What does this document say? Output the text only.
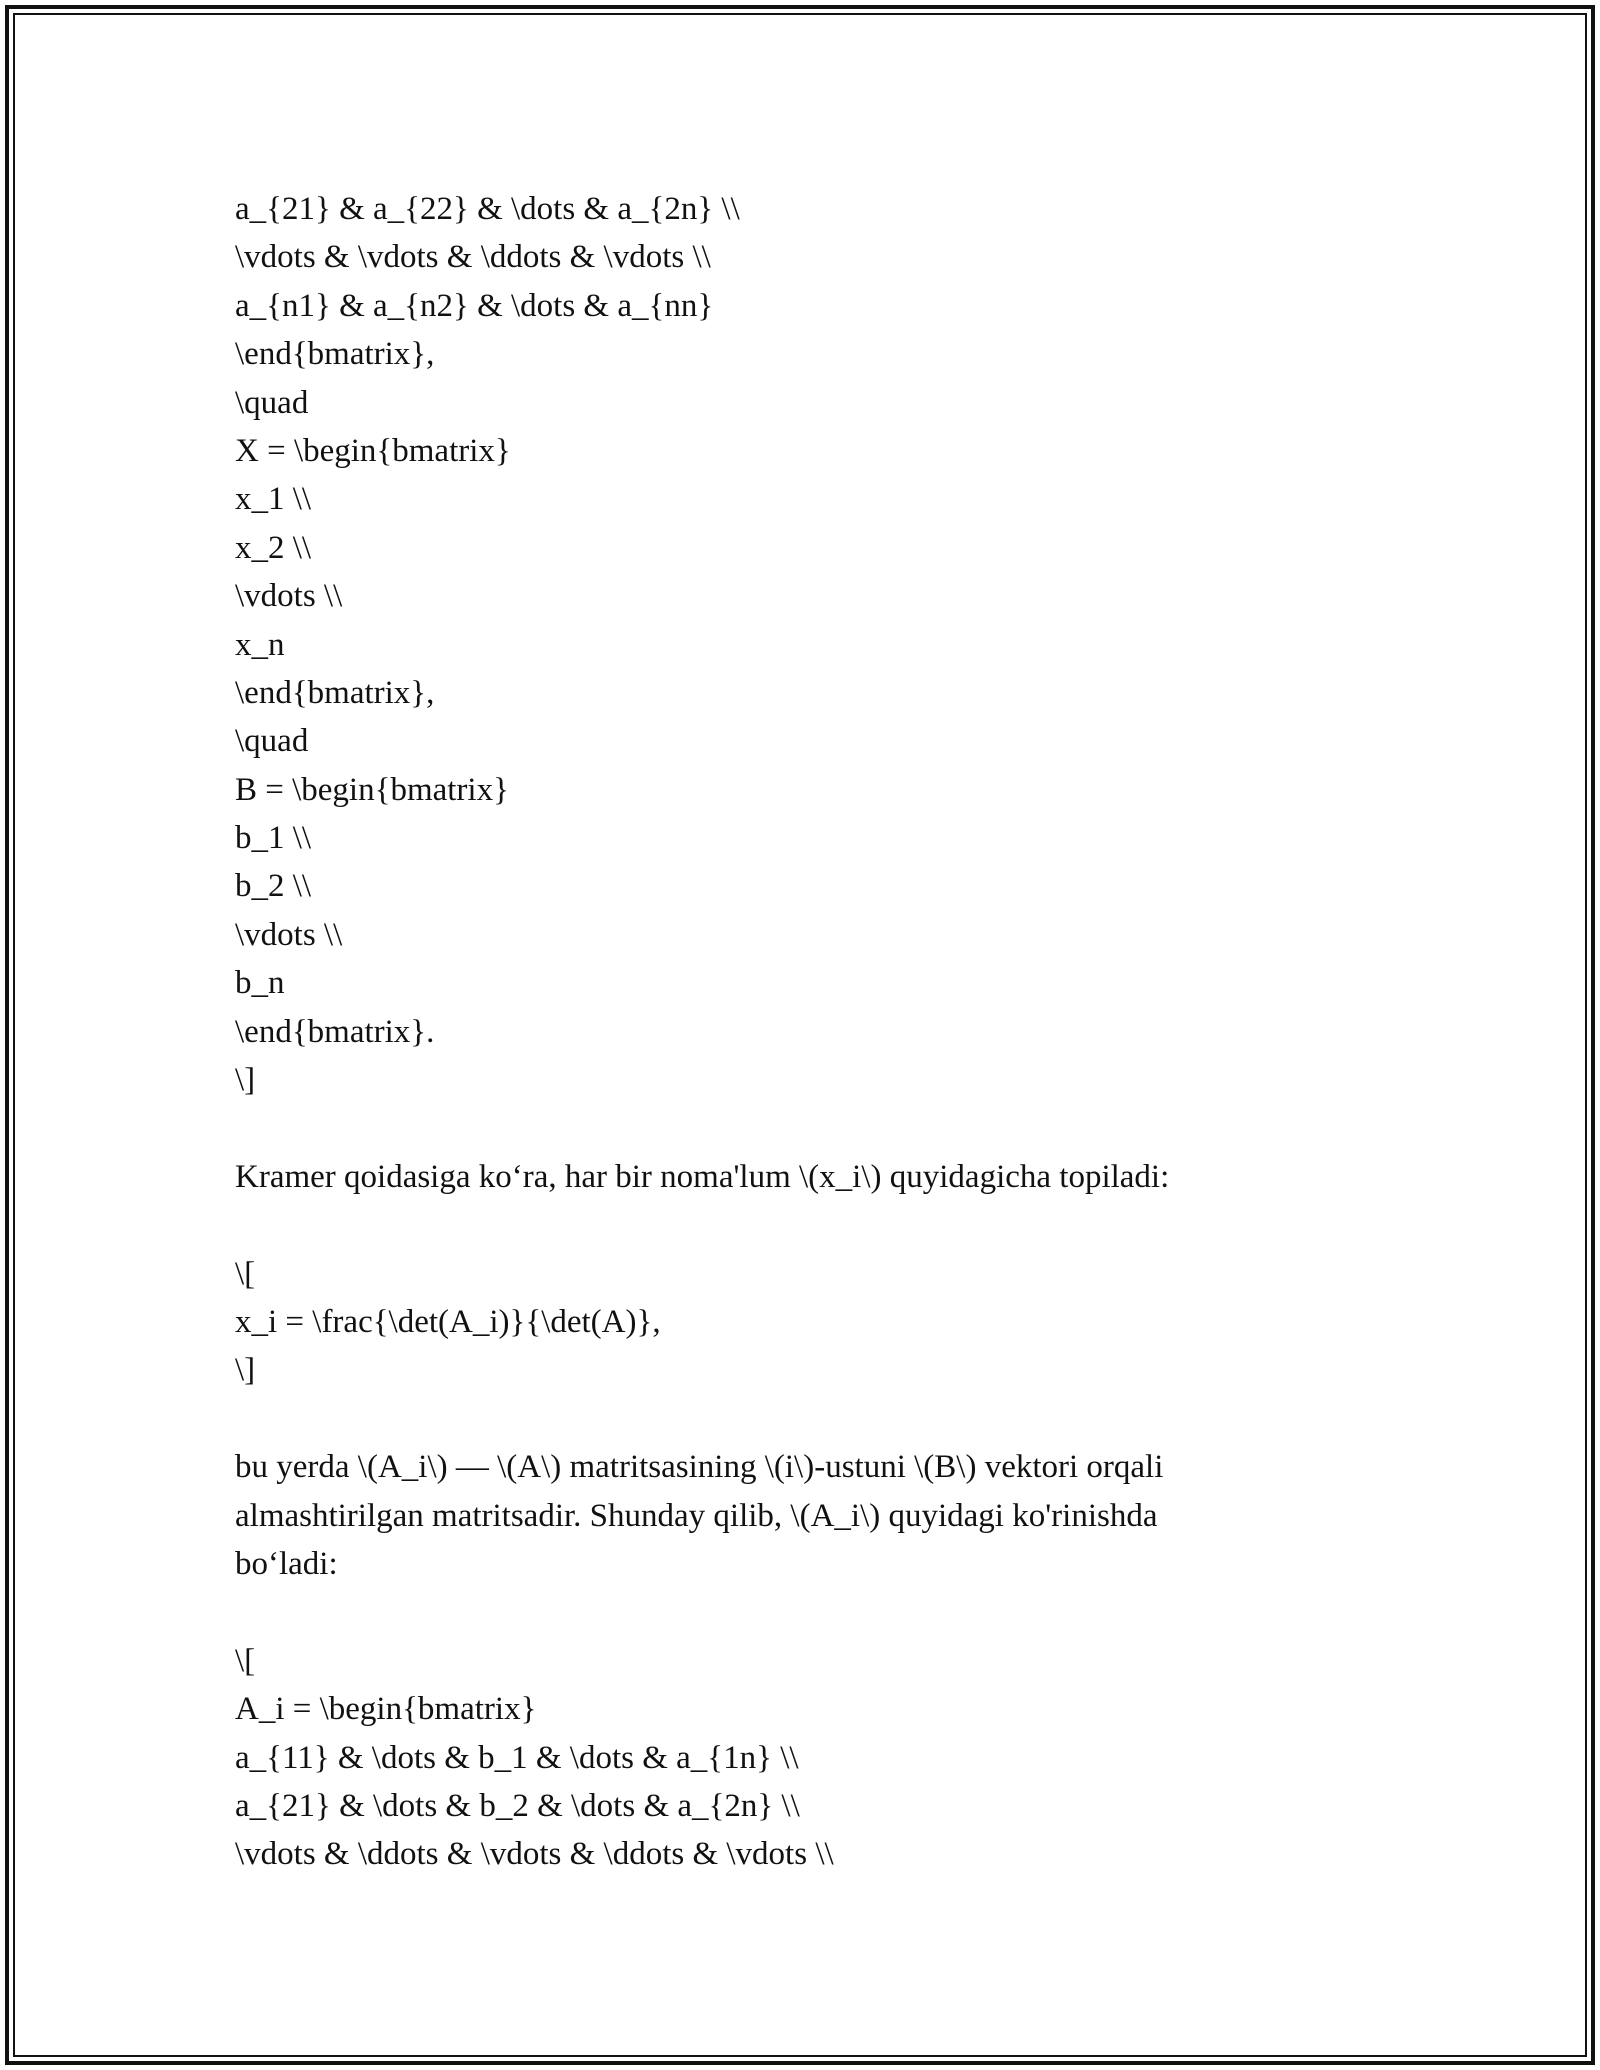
a_{21} & a_{22} & \dots & a_{2n} \\
\vdots & \vdots & \ddots & \vdots \\
a_{n1} & a_{n2} & \dots & a_{nn}
\end{bmatrix},
\quad
X = \begin{bmatrix}
x_1 \\
x_2 \\
\vdots \\
x_n
\end{bmatrix},
\quad
B = \begin{bmatrix}
b_1 \\
b_2 \\
\vdots \\
b_n
\end{bmatrix}.
\]
Kramer qoidasiga ko‘ra, har bir noma'lum \(x_i\) quyidagicha topiladi:
\[
x_i = \frac{\det(A_i)}{\det(A)},
\]
bu yerda \(A_i\) — \(A\) matritsasining \(i\)-ustuni \(B\) vektori orqali
almashtirilgan matritsadir. Shunday qilib, \(A_i\) quyidagi ko'rinishda
bo‘ladi:
\[
A_i = \begin{bmatrix}
a_{11} & \dots & b_1 & \dots & a_{1n} \\
a_{21} & \dots & b_2 & \dots & a_{2n} \\
\vdots & \ddots & \vdots & \ddots & \vdots \\
